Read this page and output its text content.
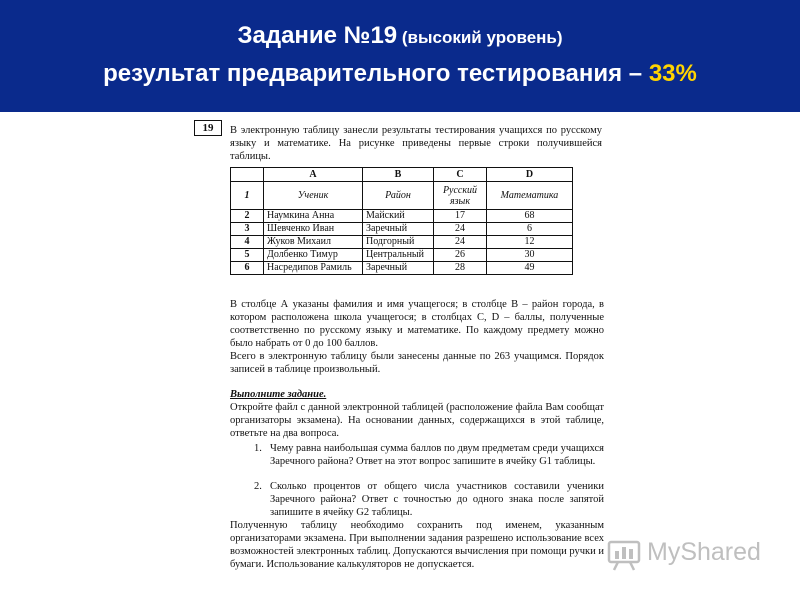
Задание №19 (высокий уровень)
результат предварительного тестирования – 33%
19	В электронную таблицу занесли результаты тестирования учащихся по русскому языку и математике. На рисунке приведены первые строки получившейся таблицы.
	A	B	C	D
1	Ученик	Район	Русский язык	Математика
2	Наумкина Анна	Майский	17	68
3	Шевченко Иван	Заречный	24	6
4	Жуков Михаил	Подгорный	24	12
5	Долбенко Тимур	Центральный	26	30
6	Насредипов Рамиль	Заречный	28	49
В столбце А указаны фамилия и имя учащегося; в столбце В – район города, в котором расположена школа учащегося; в столбцах С, D – баллы, полученные соответственно по русскому языку и математике. По каждому предмету можно было набрать от 0 до 100 баллов.
Всего в электронную таблицу были занесены данные по 263 учащимся. Порядок записей в таблице произвольный.
Выполните задание.
Откройте файл с данной электронной таблицей (расположение файла Вам сообщат организаторы экзамена). На основании данных, содержащихся в этой таблице, ответьте на два вопроса.
1. Чему равна наибольшая сумма баллов по двум предметам среди учащихся Заречного района? Ответ на этот вопрос запишите в ячейку G1 таблицы.
2. Сколько процентов от общего числа участников составили ученики Заречного района? Ответ с точностью до одного знака после запятой запишите в ячейку G2 таблицы.
Полученную таблицу необходимо сохранить под именем, указанным организаторами экзамена. При выполнении задания разрешено использование всех возможностей электронных таблиц. Допускаются вычисления при помощи ручки и бумаги. Использование калькуляторов не допускается.	MyShared
